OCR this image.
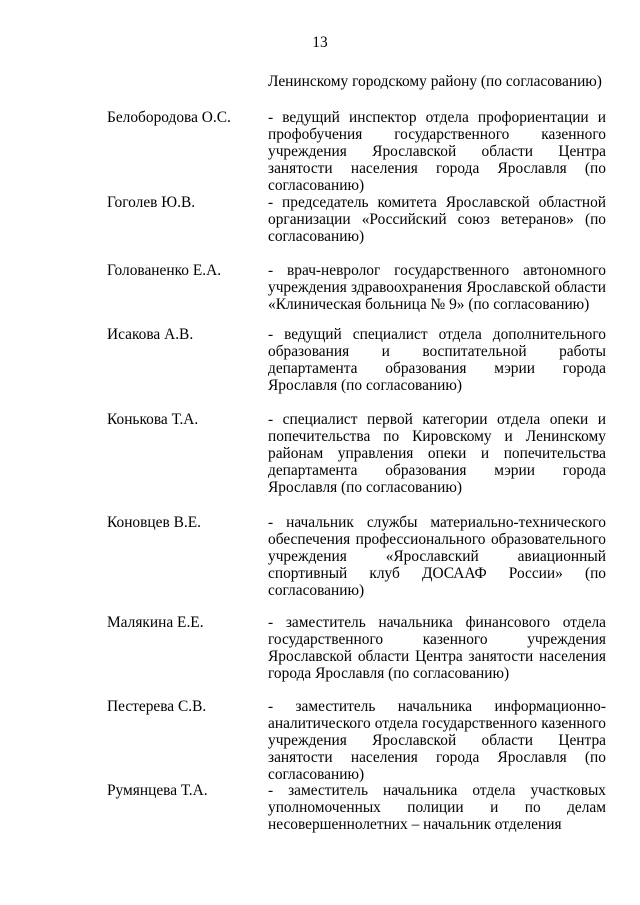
13
Ленинскому городскому району (по согласованию)
Белобородова О.С. - ведущий инспектор отдела профориентации и профобучения государственного казенного учреждения Ярославской области Центра занятости населения города Ярославля (по согласованию)
Гоголев Ю.В.	- председатель комитета Ярославской областной организации «Российский союз ветеранов» (по согласованию)
Голованенко Е.А.	- врач-невролог государственного автономного учреждения здравоохранения Ярославской области «Клиническая больница № 9» (по согласованию)
Исакова А.В.	- ведущий специалист отдела дополнительного образования и воспитательной работы департамента образования мэрии города Ярославля (по согласованию)
Конькова Т.А.	- специалист первой категории отдела опеки и попечительства по Кировскому и Ленинскому районам управления опеки и попечительства департамента образования мэрии города Ярославля (по согласованию)
Коновцев В.Е.	- начальник службы материально-технического обеспечения профессионального образовательного учреждения «Ярославский авиационный спортивный клуб ДОСААФ России» (по согласованию)
Малякина Е.Е.	- заместитель начальника финансового отдела государственного казенного учреждения Ярославской области Центра занятости населения города Ярославля (по согласованию)
Пестерева С.В.	- заместитель начальника информационно-аналитического отдела государственного казенного учреждения Ярославской области Центра занятости населения города Ярославля (по согласованию)
Румянцева Т.А.	- заместитель начальника отдела участковых уполномоченных полиции и по делам несовершеннолетних – начальник отделения
